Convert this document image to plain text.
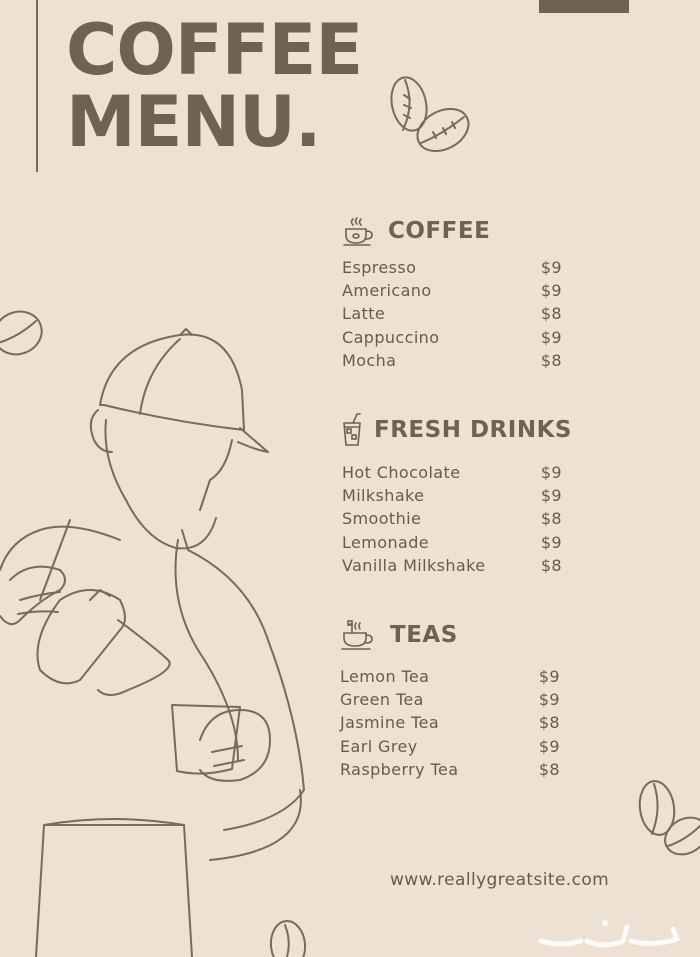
COFFEE
MENU.
COFFEE
Espresso	$9
Americano	$9
Latte	$8
Cappuccino	$9
Mocha	$8
FRESH DRINKS
Hot Chocolate	$9
Milkshake	$9
Smoothie	$8
Lemonade	$9
Vanilla Milkshake	$8
TEAS
Lemon Tea	$9
Green Tea	$9
Jasmine Tea	$8
Earl Grey	$9
Raspberry Tea	$8
www.reallygreatsite.com
